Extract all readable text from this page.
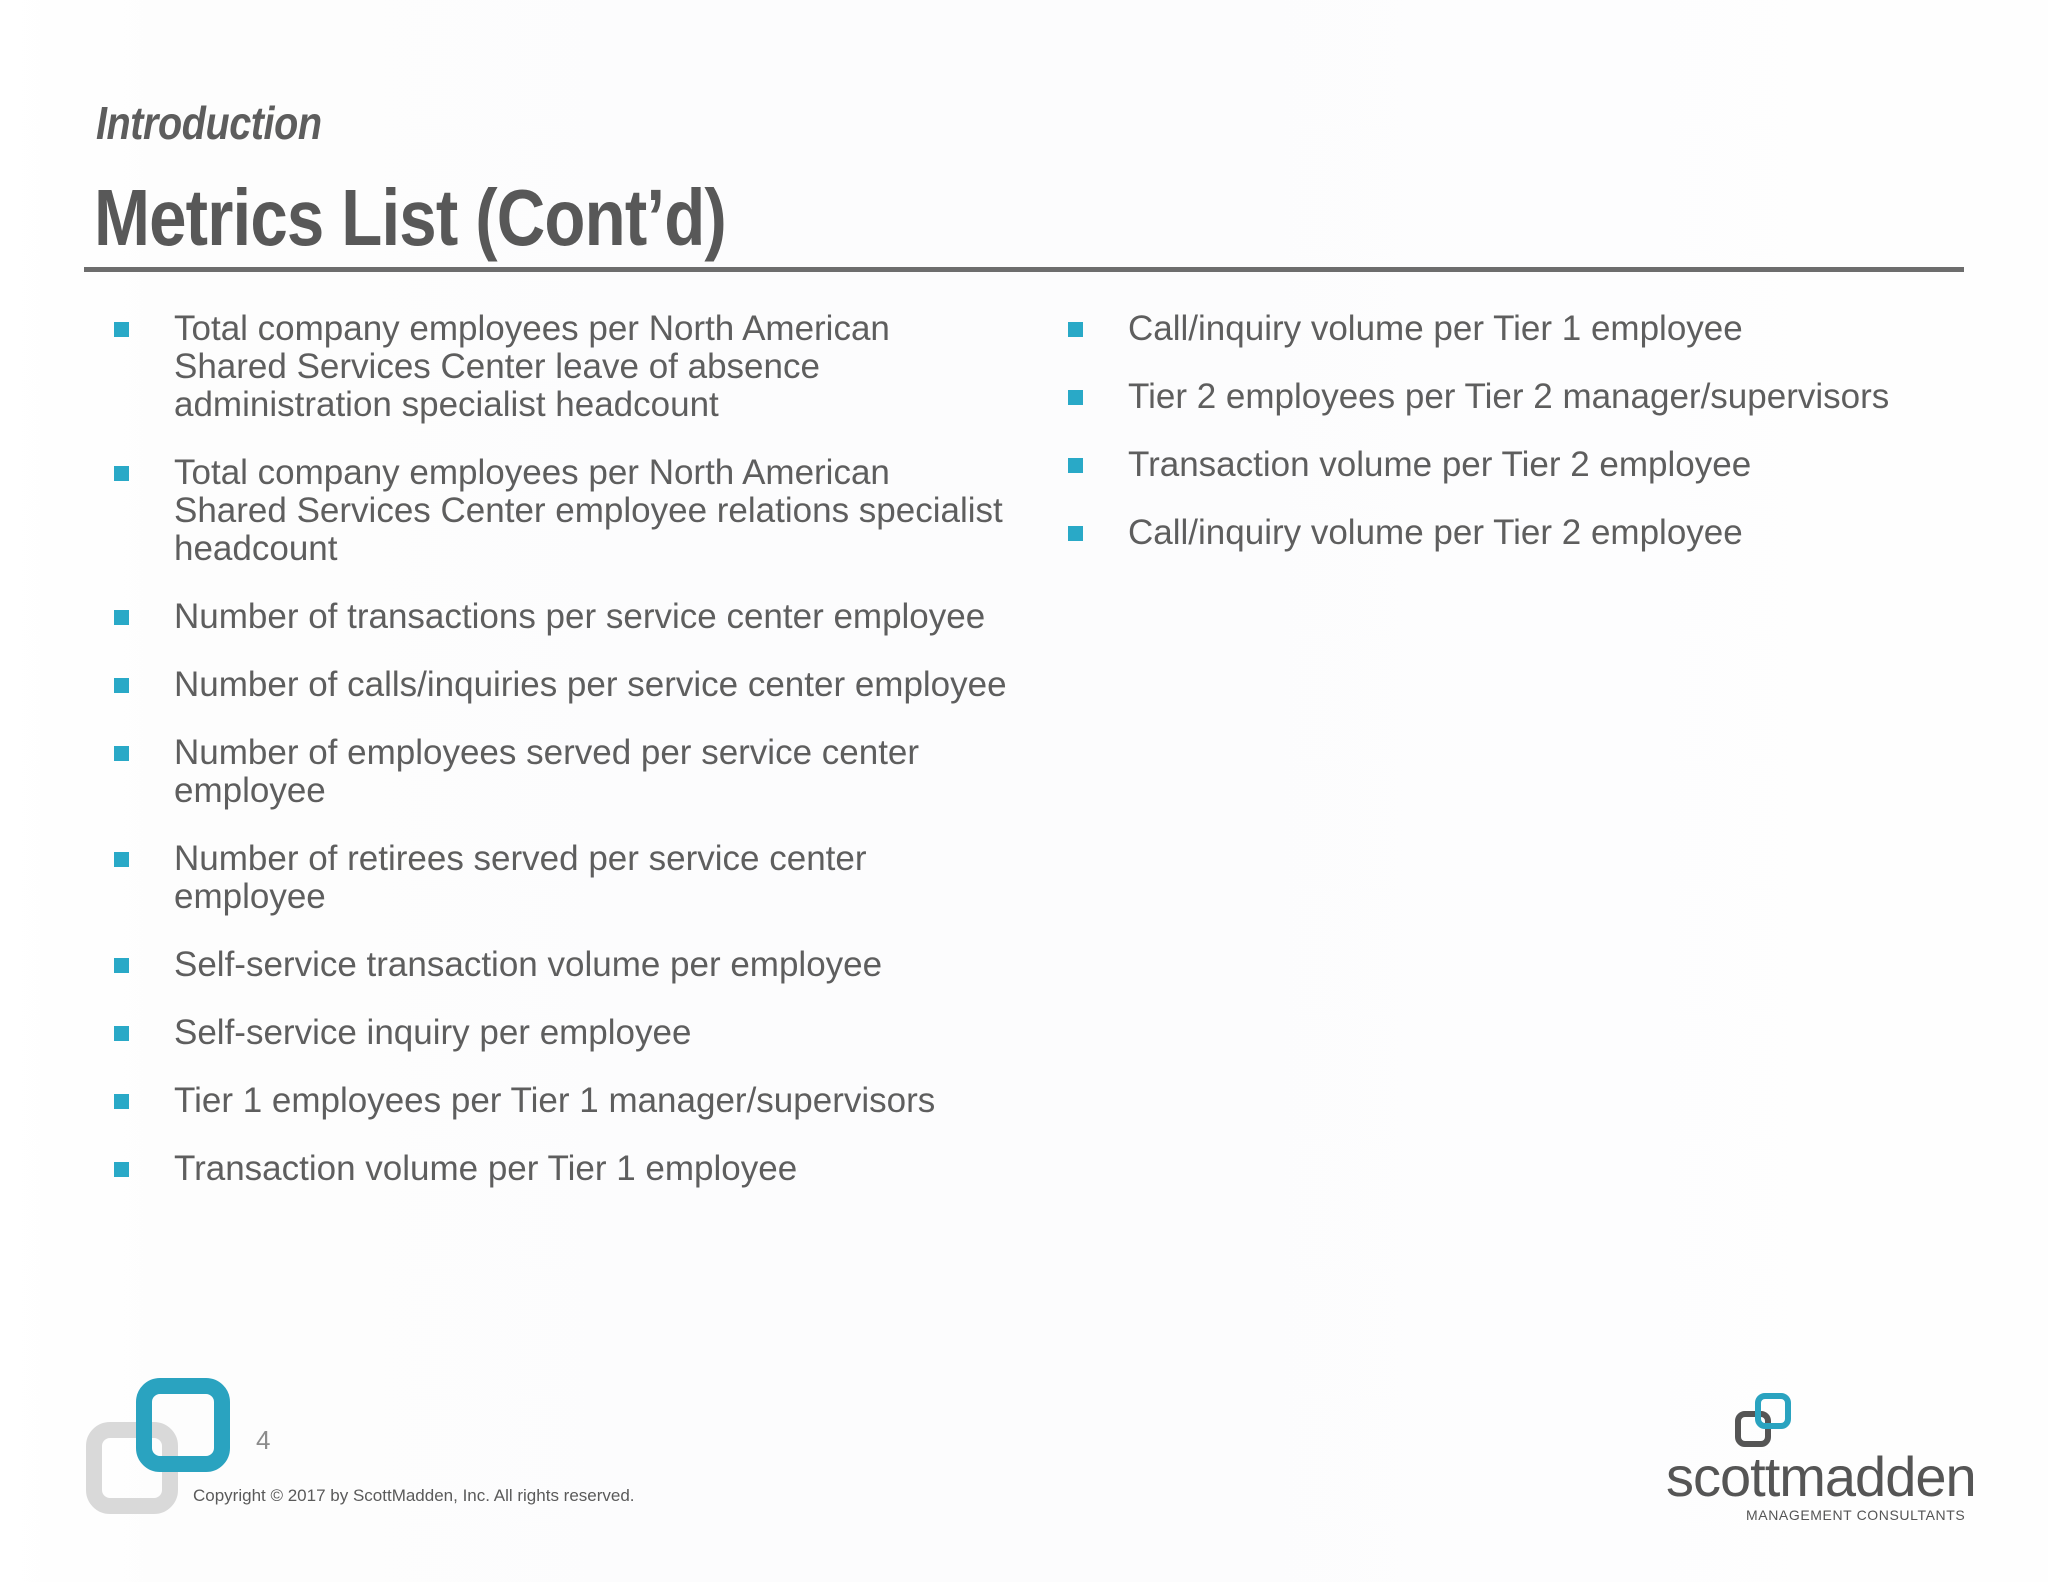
Introduction
Metrics List (Cont’d)
Total company employees per North American Shared Services Center leave of absence administration specialist headcount
Total company employees per North American Shared Services Center employee relations specialist headcount
Number of transactions per service center employee
Number of calls/inquiries per service center employee
Number of employees served per service center employee
Number of retirees served per service center employee
Self-service transaction volume per employee
Self-service inquiry per employee
Tier 1 employees per Tier 1 manager/supervisors
Transaction volume per Tier 1 employee
Call/inquiry volume per Tier 1 employee
Tier 2 employees per Tier 2 manager/supervisors
Transaction volume per Tier 2 employee
Call/inquiry volume per Tier 2 employee
4
Copyright © 2017 by ScottMadden, Inc. All rights reserved.	scottmadden
MANAGEMENT CONSULTANTS
